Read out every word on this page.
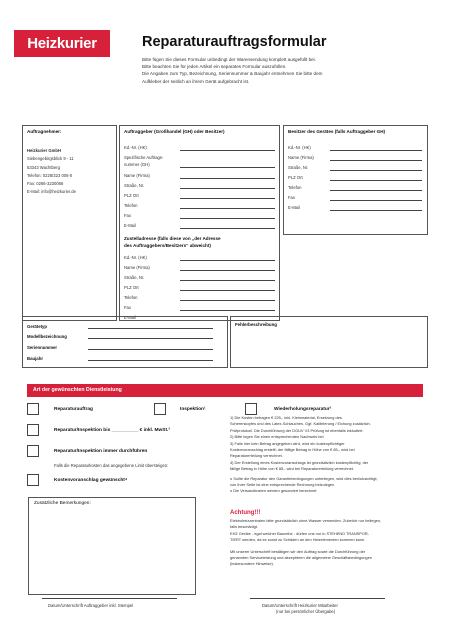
Heizkurier	Reparaturauftragsformular
Bitte fügen Sie dieses Formular unbedingt der Warensendung komplett ausgefüllt bei.
Bitte beachten Sie für jeden Artikel ein separates Formular auszufüllen.
Die Angaben zum Typ, Bezeichnung, Seriennummer & Baujahr entnehmen Sie bitte dem
Aufkleber der seitlich an ihrem Gerät aufgebracht ist.
Auftragnehmer:
Heizkurier GmbH
Siebengebirgsblick 9 - 11
53343 Wachtberg
Telefon: 0228/323 006-0
Fax: 0266-3230066
E-Mail: info@heizkurier.de
Auftraggeber (Großhandel (GH) oder Besitzer)
Kd.-Nr. (HK)
Spezifische Auftrags-
nummer (GH)
Name (Firma)
Straße, Nr.
PLZ Ort
Telefon
Fax
E-Mail
Zustelladresse (falls diese von „der Adresse
des Auftraggebers/Besitzers“ abweicht)
Kd.-Nr. (HK)
Name (Firma)
Straße, Nr.
PLZ Ort
Telefon
Fax
E-Mail
Besitzer des Gerätes (falls Auftraggeber GH)
Kd.-Nr. (HK)
Name (Firma)
Straße, Nr.
PLZ Ort
Telefon
Fax
E-Mail
Gerätetyp
Modellbezeichnung
Seriennummer
Baujahr
Fehlerbeschreibung
Art der gewünschten Dienstleistung
Reparaturauftrag	Inspektion¹	Wiederholungsreparatur²
Reparatur/Inspektion bis __________ € inkl. MwSt.³
Reparatur/Inspektion immer durchführen
Falls die Reparaturkosten das angegebene Limit übersteigen:
Kostenvoranschlag gewünscht⁴
Zusätzliche Bemerkungen:
1) Die Kosten betragen € 225,- inkl. Kleinmaterial, Ersetzung des
Scherenkopfes und des Latex-Schlauches. Ggf. Kalibrierung / Eichung zusätzlich.
Prüfprotokoll. Die Durchführung der DGUV V3 Prüfung ist ebenfalls inkludiert.
2) Bitte legen Sie einen entsprechenden Nachweis bei.
3) Falls hier kein Betrag angegeben wird, wird ein kostenpflichtiger
Kostenvoranschlag erstellt; der fällige Betrag in Höhe von € 85,- wird bei
Reparaturerteilung verrechnet.
4) Der Erstellung eines Kostenvoranschlags ist grundsätzlich kostenpflichtig; der
fällige Betrag in Höhe von € 85,- wird bei Reparaturerteilung verrechnet.
o Sollte die Reparatur den Garantiebedingungen unterliegen, wird dies berücksichtigt;
von Ihrer Seite ist eine entsprechende Rechnung beizulegen
o Die Versandkosten werden gesondert berechnet
Achtung!!!
Elektroheizzentralen bitte grundsätzlich ohne Wasser versenden. Zubehör nur beilegen,
falls beschädigt.
EHZ Geräte - egal welcher Baureihe - dürfen uns nur in STEHEND TRANSPOR-
TIERT werden, da es sonst zu Schäden an den Heizelementen kommen kann.
Mit unserer Unterschrift bestätigen wir den Auftrag sowie die Durchführung der
genannten Serviceleistung und akzeptieren die allgemeine Geschäftsbedingungen
(insbesondere Hinweise).
Datum/Unterschrift Auftraggeber inkl. Stempel	Datum/Unterschrift Heizkurier Mitarbeiter
(nur bei persönlicher Übergabe)
